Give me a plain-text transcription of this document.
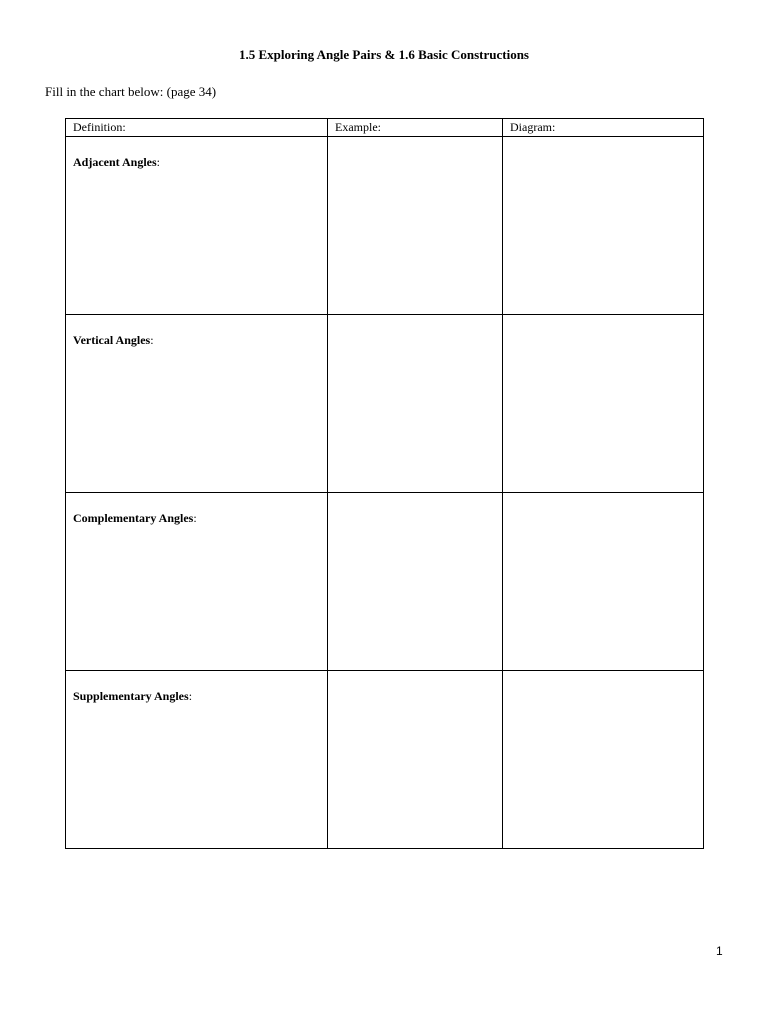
1.5 Exploring Angle Pairs & 1.6 Basic Constructions
Fill in the chart below: (page 34)
Definition:	Example:	Diagram:
Adjacent Angles:		
Vertical Angles:		
Complementary Angles:		
Supplementary Angles:		
1
